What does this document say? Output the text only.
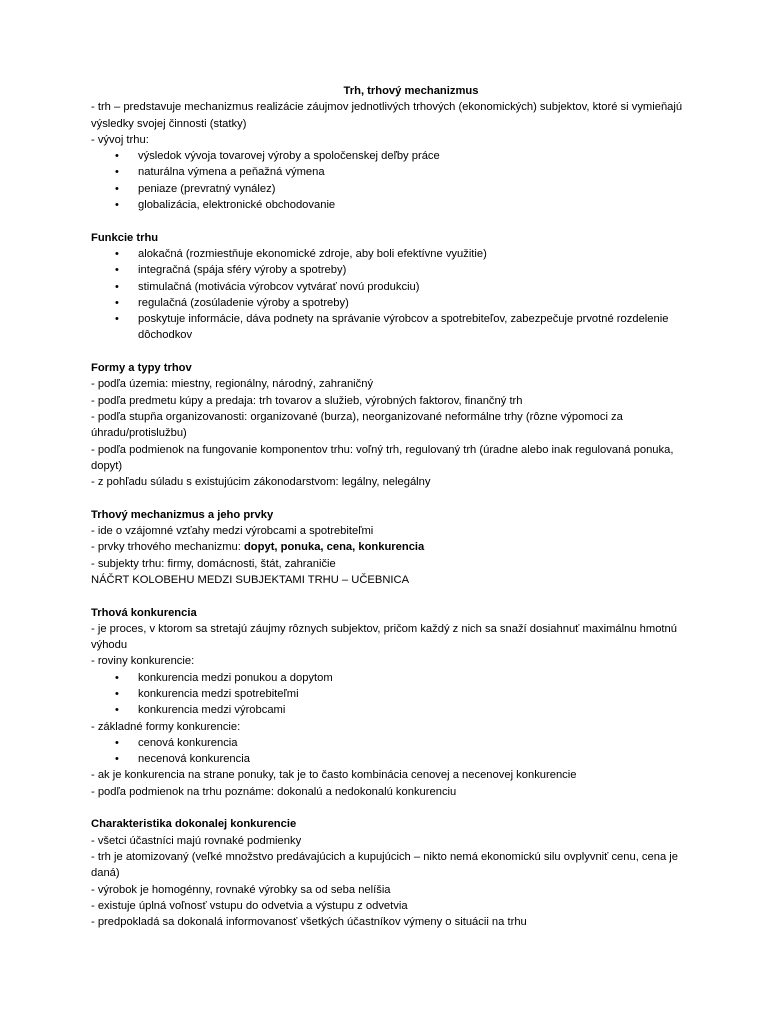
Trh, trhový mechanizmus

- trh – predstavuje mechanizmus realizácie záujmov jednotlivých trhových (ekonomických) subjektov, ktoré si vymieňajú výsledky svojej činnosti (statky)

- vývoj trhu:

• výsledok vývoja tovarovej výroby a spoločenskej deľby práce
• naturálna výmena a peňažná výmena
• peniaze (prevratný vynález)
• globalizácia, elektronické obchodovanie

Funkcie trhu

• alokačná (rozmiestňuje ekonomické zdroje, aby boli efektívne využitie)
• integračná (spája sféry výroby a spotreby)
• stimulačná (motivácia výrobcov vytvárať novú produkciu)
• regulačná (zosúladenie výroby a spotreby)
• poskytuje informácie, dáva podnety na správanie výrobcov a spotrebiteľov, zabezpečuje prvotné rozdelenie dôchodkov

Formy a typy trhov

- podľa územia: miestny, regionálny, národný, zahraničný

- podľa predmetu kúpy a predaja: trh tovarov a služieb, výrobných faktorov, finančný trh

- podľa stupňa organizovanosti: organizované (burza), neorganizované neformálne trhy (rôzne výpomoci za úhradu/protislužbu)

- podľa podmienok na fungovanie komponentov trhu: voľný trh, regulovaný trh (úradne alebo inak regulovaná ponuka, dopyt)

- z pohľadu súladu s existujúcim zákonodarstvom: legálny, nelegálny

Trhový mechanizmus a jeho prvky

- ide o vzájomné vzťahy medzi výrobcami a spotrebiteľmi

- prvky trhového mechanizmu: dopyt, ponuka, cena, konkurencia

- subjekty trhu: firmy, domácnosti, štát, zahraničie

NÁČRT KOLOBEHU MEDZI SUBJEKTAMI TRHU – UČEBNICA

Trhová konkurencia

- je proces, v ktorom sa stretajú záujmy rôznych subjektov, pričom každý z nich sa snaží dosiahnuť maximálnu hmotnú výhodu

- roviny konkurencie:

• konkurencia medzi ponukou a dopytom
• konkurencia medzi spotrebiteľmi
• konkurencia medzi výrobcami

- základné formy konkurencie:

• cenová konkurencia
• necenová konkurencia

- ak je konkurencia na strane ponuky, tak je to často kombinácia cenovej a necenovej konkurencie

- podľa podmienok na trhu poznáme: dokonalú a nedokonalú konkurenciu

Charakteristika dokonalej konkurencie

- všetci účastníci majú rovnaké podmienky

- trh je atomizovaný (veľké množstvo predávajúcich a kupujúcich – nikto nemá ekonomickú silu ovplyvniť cenu, cena je daná)

- výrobok je homogénny, rovnaké výrobky sa od seba nelíšia

- existuje úplná voľnosť vstupu do odvetvia a výstupu z odvetvia

- predpokladá sa dokonalá informovanosť všetkých účastníkov výmeny o situácii na trhu
